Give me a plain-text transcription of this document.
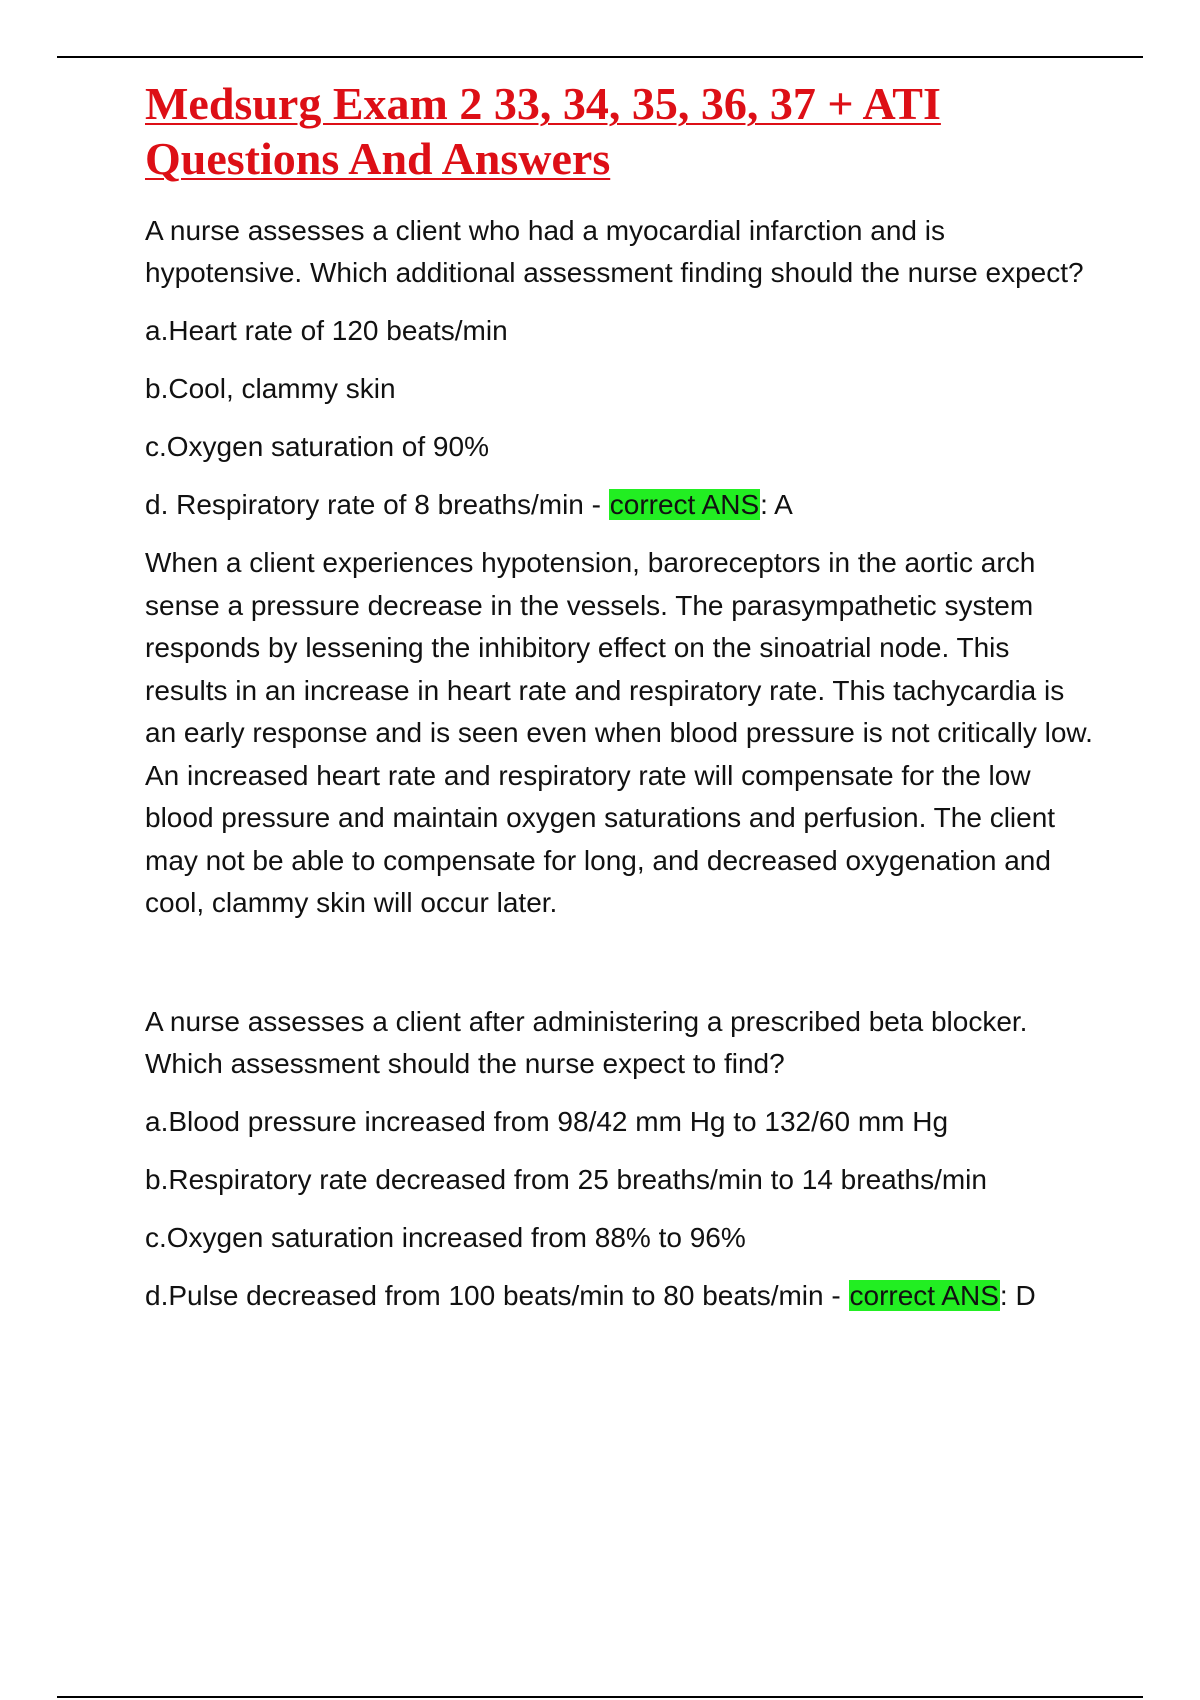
Medsurg Exam 2 33, 34, 35, 36, 37 + ATI Questions And Answers

A nurse assesses a client who had a myocardial infarction and is hypotensive. Which additional assessment finding should the nurse expect?

a.Heart rate of 120 beats/min

b.Cool, clammy skin

c.Oxygen saturation of 90%

d. Respiratory rate of 8 breaths/min - correct ANS: A

When a client experiences hypotension, baroreceptors in the aortic arch sense a pressure decrease in the vessels. The parasympathetic system responds by lessening the inhibitory effect on the sinoatrial node. This results in an increase in heart rate and respiratory rate. This tachycardia is an early response and is seen even when blood pressure is not critically low. An increased heart rate and respiratory rate will compensate for the low blood pressure and maintain oxygen saturations and perfusion. The client may not be able to compensate for long, and decreased oxygenation and cool, clammy skin will occur later.

A nurse assesses a client after administering a prescribed beta blocker. Which assessment should the nurse expect to find?

a.Blood pressure increased from 98/42 mm Hg to 132/60 mm Hg

b.Respiratory rate decreased from 25 breaths/min to 14 breaths/min

c.Oxygen saturation increased from 88% to 96%

d.Pulse decreased from 100 beats/min to 80 beats/min - correct ANS: D
